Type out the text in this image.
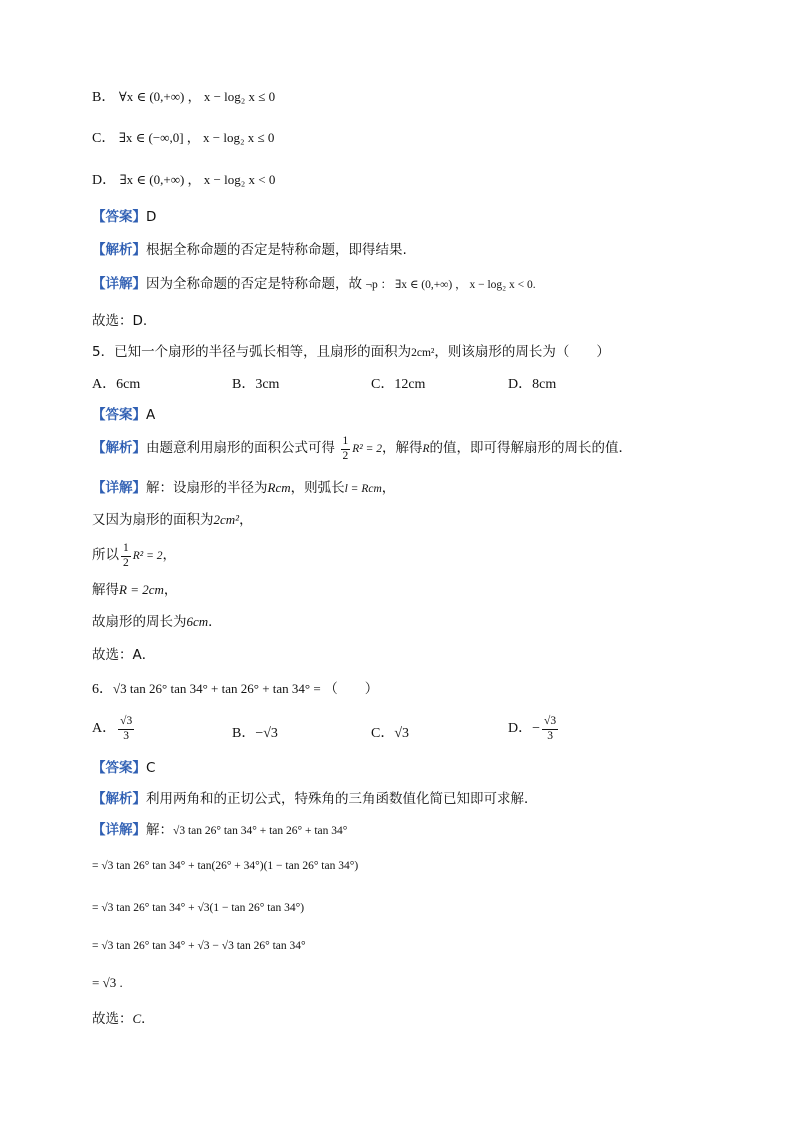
B． ∀x ∈ (0,+∞) ， x − log₂ x ≤ 0
C． ∃x ∈ (−∞,0] ， x − log₂ x ≤ 0
D． ∃x ∈ (0,+∞) ， x − log₂ x < 0
【答案】D
【解析】根据全称命题的否定是特称命题，即得结果.
【详解】因为全称命题的否定是特称命题，故 ¬p ： ∃x ∈ (0,+∞) ， x − log₂ x < 0.
故选：D.
5．已知一个扇形的半径与弧长相等，且扇形的面积为2cm²，则该扇形的周长为（　　）
A．6cm	B．3cm	C．12cm	D．8cm
【答案】A
【解析】由题意利用扇形的面积公式可得 $\frac{1}{2} R^2 = 2$，解得R的值，即可得解扇形的周长的值．
【详解】解：设扇形的半径为Rcm，则弧长l = Rcm，
又因为扇形的面积为2cm²，
所以 $\frac{1}{2} R^2 = 2$，
解得R = 2cm，
故扇形的周长为6cm．
故选：A．
6．√3 tan 26° tan 34° + tan 26° + tan 34° = （　　）
A． $\frac{√3}{3}$	B．−√3	C．√3	D．− $\frac{√3}{3}$
【答案】C
【解析】利用两角和的正切公式，特殊角的三角函数值化简已知即可求解．
【详解】解：√3 tan 26° tan 34° + tan 26° + tan 34°
= √3 tan 26° tan 34° + tan(26° + 34°)(1 − tan 26° tan 34°)
= √3 tan 26° tan 34° + √3(1 − tan 26° tan 34°)
= √3 tan 26° tan 34° + √3 − √3 tan 26° tan 34°
= √3 .
故选：C．
